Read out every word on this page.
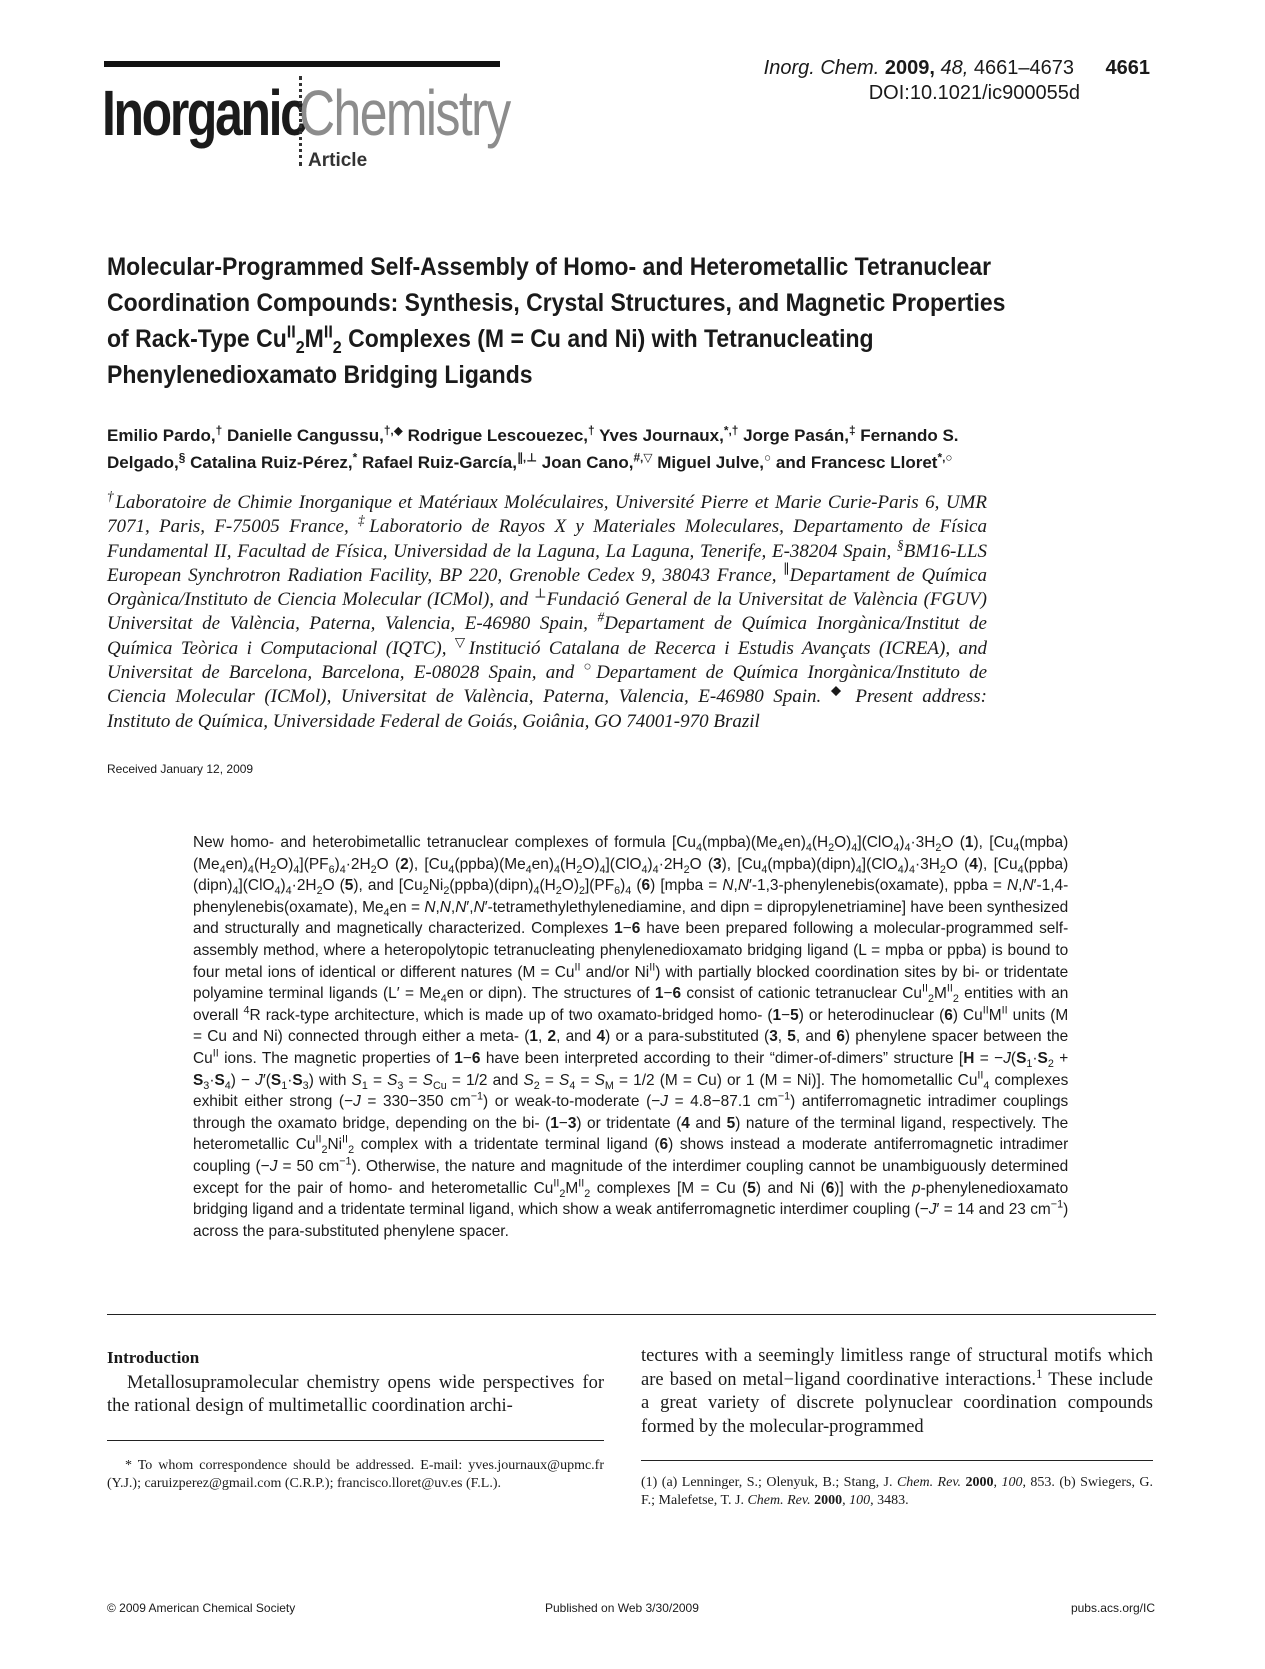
Inorganic
Chemistry
Article
Inorg. Chem. 2009, 48, 4661–4673 4661
DOI:10.1021/ic900055d
Molecular-Programmed Self-Assembly of Homo- and Heterometallic Tetranuclear
Coordination Compounds: Synthesis, Crystal Structures, and Magnetic Properties
of Rack-Type $Cu^{II}_2M^{II}_2$ Complexes (M = Cu and Ni) with Tetranucleating
Phenylenedioxamato Bridging Ligands
Emilio Pardo,† Danielle Cangussu,†,◆ Rodrigue Lescouezec,† Yves Journaux,*,† Jorge Pasán,‡ Fernando S.
Delgado,§ Catalina Ruiz-Pérez,* Rafael Ruiz-García,∥,⊥ Joan Cano,#,▽ Miguel Julve,○ and Francesc Lloret*,○
†Laboratoire de Chimie Inorganique et Matériaux Moléculaires, Université Pierre et Marie Curie-Paris 6, UMR 7071, Paris, F-75005 France, ‡Laboratorio de Rayos X y Materiales Moleculares, Departamento de Física Fundamental II, Facultad de Física, Universidad de la Laguna, La Laguna, Tenerife, E-38204 Spain, §BM16-LLS European Synchrotron Radiation Facility, BP 220, Grenoble Cedex 9, 38043 France, ∥Departament de Química Orgànica/Instituto de Ciencia Molecular (ICMol), and ⊥Fundació General de la Universitat de València (FGUV) Universitat de València, Paterna, Valencia, E-46980 Spain, #Departament de Química Inorgànica/Institut de Química Teòrica i Computacional (IQTC), ▽Institució Catalana de Recerca i Estudis Avançats (ICREA), and Universitat de Barcelona, Barcelona, E-08028 Spain, and ○Departament de Química Inorgànica/Instituto de Ciencia Molecular (ICMol), Universitat de València, Paterna, Valencia, E-46980 Spain. ◆ Present address: Instituto de Química, Universidade Federal de Goiás, Goiânia, GO 74001-970 Brazil
Received January 12, 2009
New homo- and heterobimetallic tetranuclear complexes of formula $[Cu_4(mpba)(Me_4en)_4(H_2O)_4](ClO_4)_4\cdot 3H_2O$ (1), $[Cu_4(mpba)(Me_4en)_4(H_2O)_4](PF_6)_4\cdot 2H_2O$ (2), $[Cu_4(ppba)(Me_4en)_4(H_2O)_4](ClO_4)_4\cdot 2H_2O$ (3), $[Cu_4(mpba)(dipn)_4](ClO_4)_4\cdot 3H_2O$ (4), $[Cu_4(ppba)(dipn)_4](ClO_4)_4\cdot 2H_2O$ (5), and $[Cu_2Ni_2(ppba)(dipn)_4(H_2O)_2](PF_6)_4$ (6) [mpba = N,N′-1,3-phenylenebis(oxamate), ppba = N,N′-1,4-phenylenebis(oxamate), $Me_4en$ = N,N,N′,N′-tetramethylethylenediamine, and dipn = dipropylenetriamine] have been synthesized and structurally and magnetically characterized. Complexes 1−6 have been prepared following a molecular-programmed self-assembly method, where a heteropolytopic tetranucleating phenylenedioxamato bridging ligand (L = mpba or ppba) is bound to four metal ions of identical or different natures ($M = Cu^{II}$ and/or $Ni^{II}$) with partially blocked coordination sites by bi- or tridentate polyamine terminal ligands ($L' = Me_4en$ or dipn). The structures of 1−6 consist of cationic tetranuclear $Cu^{II}_2M^{II}_2$ entities with an overall $^4$R rack-type architecture, which is made up of two oxamato-bridged homo- (1−5) or heterodinuclear (6) $Cu^{II}M^{II}$ units (M = Cu and Ni) connected through either a meta- (1, 2, and 4) or a para-substituted (3, 5, and 6) phenylene spacer between the $Cu^{II}$ ions. The magnetic properties of 1−6 have been interpreted according to their “dimer-of-dimers” structure [$H = -J(S_1\cdot S_2 + S_3\cdot S_4) - J'(S_1\cdot S_3)$ with $S_1 = S_3 = S_{Cu} = 1/2$ and $S_2 = S_4 = S_M = 1/2$ (M = Cu) or 1 (M = Ni)]. The homometallic $Cu^{II}_4$ complexes exhibit either strong (−J = 330−350 $cm^{-1}$) or weak-to-moderate (−J = 4.8−87.1 $cm^{-1}$) antiferromagnetic intradimer couplings through the oxamato bridge, depending on the bi- (1−3) or tridentate (4 and 5) nature of the terminal ligand, respectively. The heterometallic $Cu^{II}_2Ni^{II}_2$ complex with a tridentate terminal ligand (6) shows instead a moderate antiferromagnetic intradimer coupling (−J = 50 $cm^{-1}$). Otherwise, the nature and magnitude of the interdimer coupling cannot be unambiguously determined except for the pair of homo- and heterometallic $Cu^{II}_2M^{II}_2$ complexes [M = Cu (5) and Ni (6)] with the p-phenylenedioxamato bridging ligand and a tridentate terminal ligand, which show a weak antiferromagnetic interdimer coupling (−J′ = 14 and 23 $cm^{-1}$) across the para-substituted phenylene spacer.
Introduction
Metallosupramolecular chemistry opens wide perspectives for the rational design of multimetallic coordination archi-
tectures with a seemingly limitless range of structural motifs which are based on metal−ligand coordinative interactions.$^1$ These include a great variety of discrete polynuclear coordination compounds formed by the molecular-programmed
* To whom correspondence should be addressed. E-mail: yves.journaux@upmc.fr (Y.J.); caruizperez@gmail.com (C.R.P.); francisco.lloret@uv.es (F.L.).	(1) (a) Lenninger, S.; Olenyuk, B.; Stang, J. Chem. Rev. 2000, 100, 853. (b) Swiegers, G. F.; Malefetse, T. J. Chem. Rev. 2000, 100, 3483.
© 2009 American Chemical Society	Published on Web 3/30/2009	pubs.acs.org/IC
